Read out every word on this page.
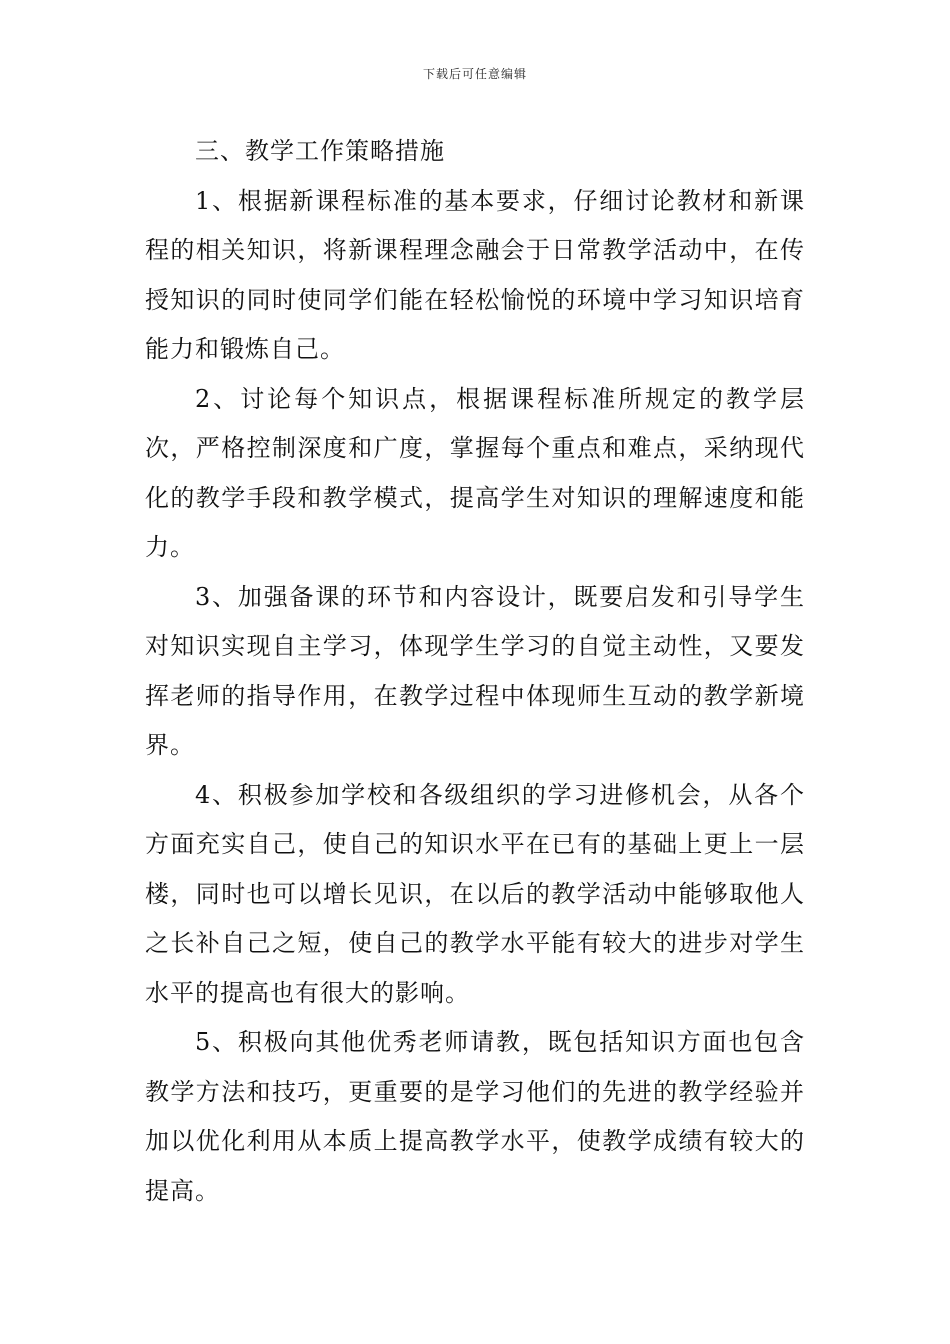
下载后可任意编辑

三、教学工作策略措施

1、根据新课程标准的基本要求，仔细讨论教材和新课程的相关知识，将新课程理念融会于日常教学活动中，在传授知识的同时使同学们能在轻松愉悦的环境中学习知识培育能力和锻炼自己。

2、讨论每个知识点，根据课程标准所规定的教学层次，严格控制深度和广度，掌握每个重点和难点，采纳现代化的教学手段和教学模式，提高学生对知识的理解速度和能力。

3、加强备课的环节和内容设计，既要启发和引导学生对知识实现自主学习，体现学生学习的自觉主动性，又要发挥老师的指导作用，在教学过程中体现师生互动的教学新境界。

4、积极参加学校和各级组织的学习进修机会，从各个方面充实自己，使自己的知识水平在已有的基础上更上一层楼，同时也可以增长见识，在以后的教学活动中能够取他人之长补自己之短，使自己的教学水平能有较大的进步对学生水平的提高也有很大的影响。

5、积极向其他优秀老师请教，既包括知识方面也包含教学方法和技巧，更重要的是学习他们的先进的教学经验并加以优化利用从本质上提高教学水平，使教学成绩有较大的提高。
